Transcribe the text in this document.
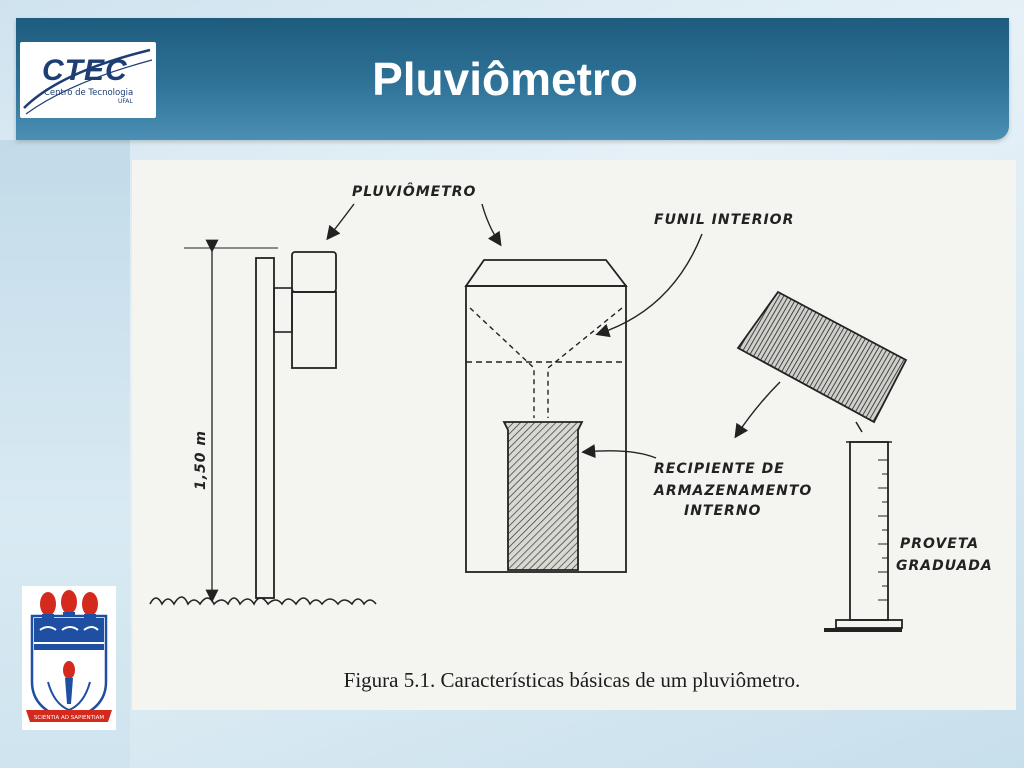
CTEC
Centro de Tecnologia
UFAL	Pluviômetro
1,50 m
PLUVIÔMETRO
FUNIL INTERIOR
RECIPIENTE DE
ARMAZENAMENTO
INTERNO
PROVETA
GRADUADA
Figura 5.1. Características básicas de um pluviômetro.
SCIENTIA AD SAPIENTIAM
